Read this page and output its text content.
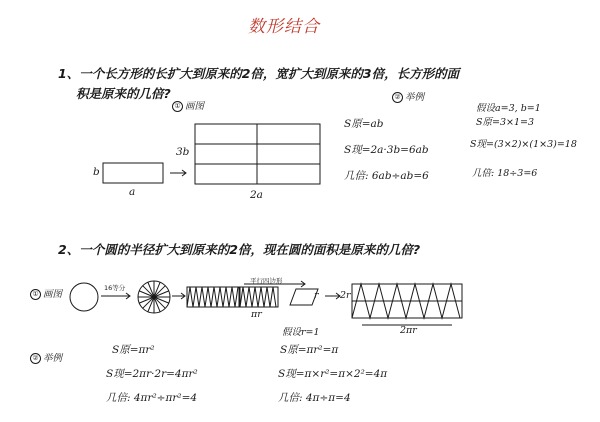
数形结合
1、一个长方形的长扩大到原来的2倍，宽扩大到原来的3倍，长方形的面
积是原来的几倍?
① 画图
b
a
3b
2a
② 举例
S原=ab
S现=2a·3b=6ab
几倍: 6ab÷ab=6
假设a=3, b=1
S原=3×1=3
S现=(3×2)×(1×3)=18
几倍: 18÷3=6
2、一个圆的半径扩大到原来的2倍，现在圆的面积是原来的几倍?
① 画图
16等分
平行四边形
r
πr
2r
2πr
假设r=1
② 举例
S原=πr²
S现=2πr·2r=4πr²
几倍: 4πr²÷πr²=4
S原=πr²=π
S现=π×r²=π×2²=4π
几倍: 4π÷π=4
